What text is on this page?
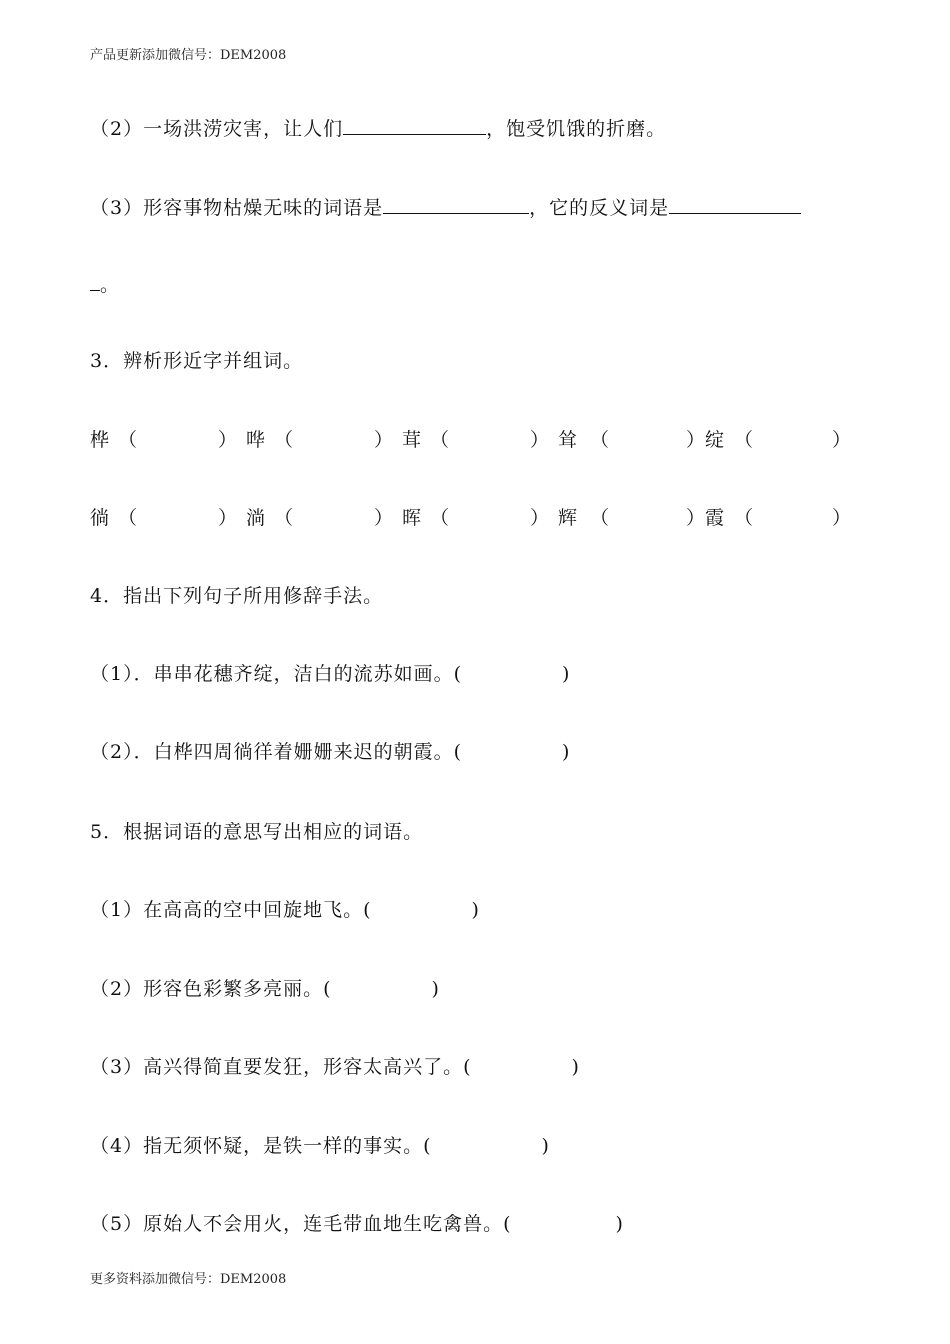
产品更新添加微信号：DEM2008
（2）一场洪涝灾害，让人们	，饱受饥饿的折磨。
（3）形容事物枯燥无味的词语是	，它的反义词是
。
3．辨析形近字并组词。
桦 （	） 哗 （	） 茸 （	） 耸 （	） 绽 （	）
徜 （	） 淌 （	） 晖 （	） 辉 （	） 霞 （	）
4．指出下列句子所用修辞手法。
（1）．串串花穗齐绽，洁白的流苏如画。(	)
（2）．白桦四周徜徉着姗姗来迟的朝霞。(	)
5．根据词语的意思写出相应的词语。
（1）在高高的空中回旋地飞。(	)
（2）形容色彩繁多亮丽。(	)
（3）高兴得简直要发狂，形容太高兴了。(	)
（4）指无须怀疑，是铁一样的事实。(	)
（5）原始人不会用火，连毛带血地生吃禽兽。(	)
更多资料添加微信号：DEM2008
